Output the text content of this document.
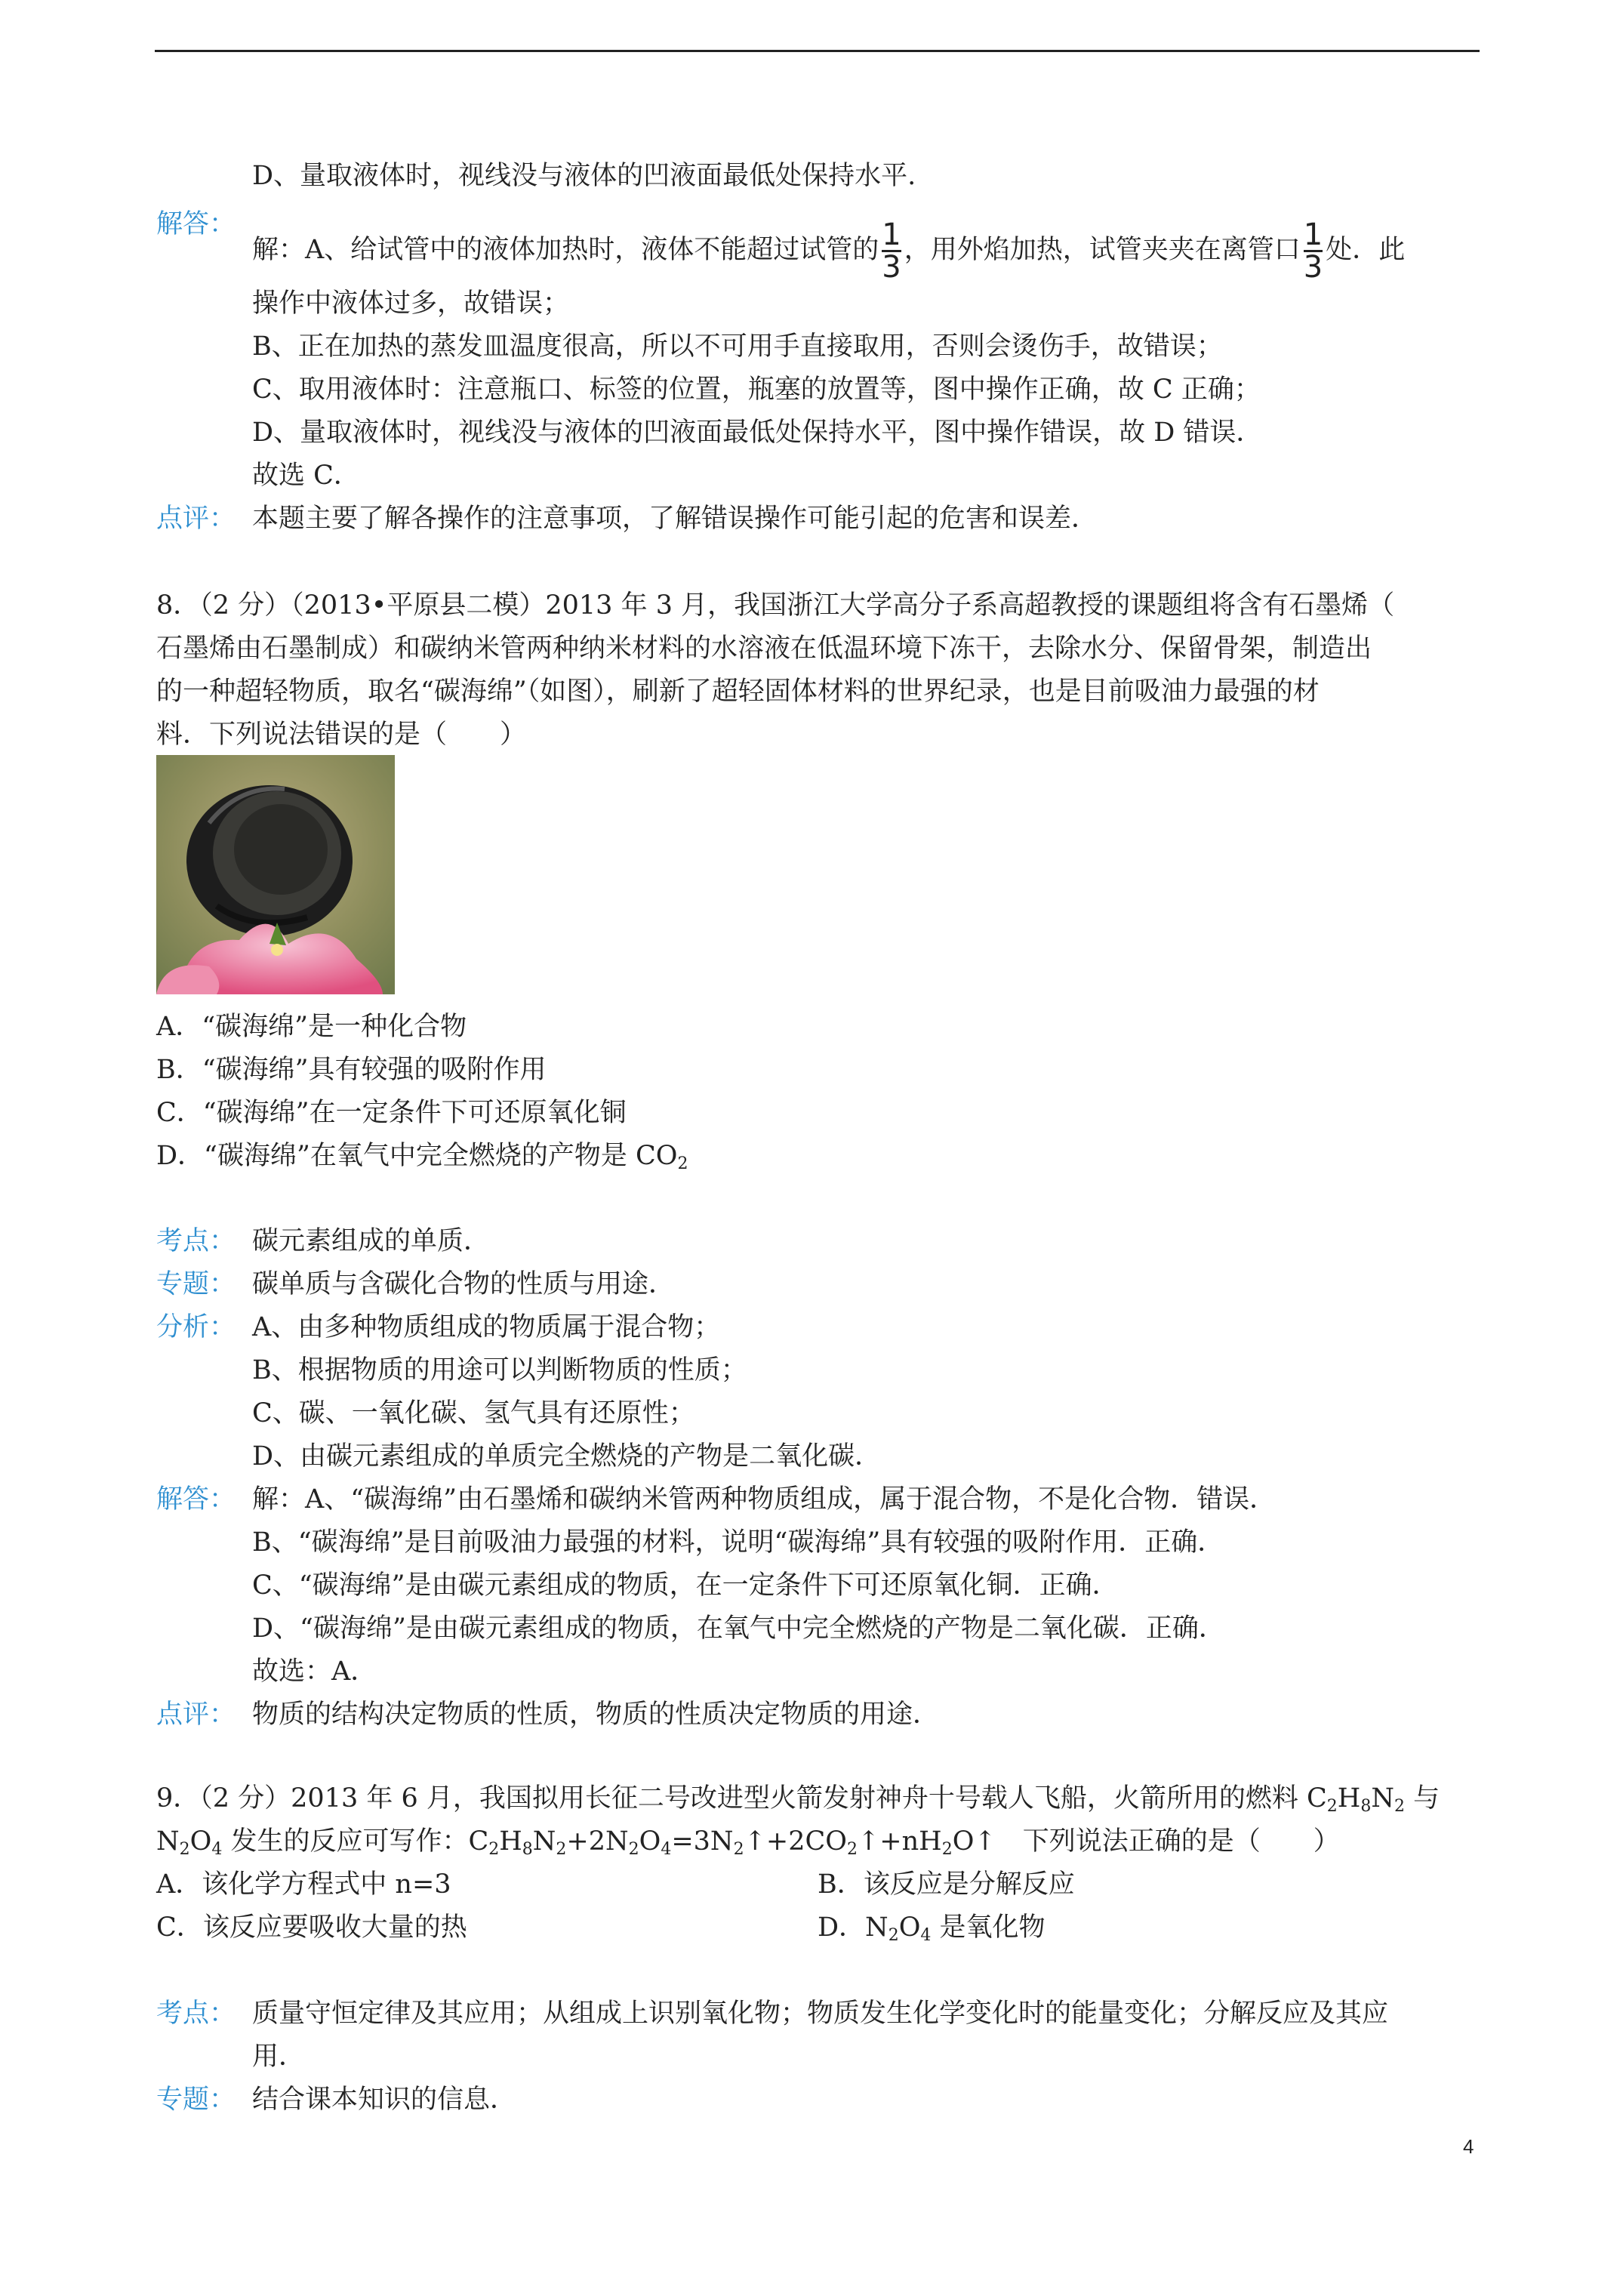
D、量取液体时，视线没与液体的凹液面最低处保持水平.
解答：
解：A、给试管中的液体加热时，液体不能超过试管的 $\frac{1}{3}$ ，用外焰加热，试管夹夹在离管口 $\frac{1}{3}$ 处．此
操作中液体过多，故错误；
B、正在加热的蒸发皿温度很高，所以不可用手直接取用，否则会烫伤手，故错误；
C、取用液体时：注意瓶口、标签的位置，瓶塞的放置等，图中操作正确，故 C 正确；
D、量取液体时，视线没与液体的凹液面最低处保持水平，图中操作错误，故 D 错误．
故选 C．
点评： 本题主要了解各操作的注意事项，了解错误操作可能引起的危害和误差．
8．（2 分）（2013•平原县二模）2013 年 3 月，我国浙江大学高分子系高超教授的课题组将含有石墨烯（
石墨烯由石墨制成）和碳纳米管两种纳米材料的水溶液在低温环境下冻干，去除水分、保留骨架，制造出
的一种超轻物质，取名“碳海绵”（如图），刷新了超轻固体材料的世界纪录，也是目前吸油力最强的材
料．下列说法错误的是（　　）
A．“碳海绵”是一种化合物
B．“碳海绵”具有较强的吸附作用
C．“碳海绵”在一定条件下可还原氧化铜
D．“碳海绵”在氧气中完全燃烧的产物是 $CO_2$
考点： 碳元素组成的单质．
专题： 碳单质与含碳化合物的性质与用途．
分析： A、由多种物质组成的物质属于混合物；
B、根据物质的用途可以判断物质的性质；
C、碳、一氧化碳、氢气具有还原性；
D、由碳元素组成的单质完全燃烧的产物是二氧化碳．
解答： 解：A、“碳海绵”由石墨烯和碳纳米管两种物质组成，属于混合物，不是化合物．错误．
B、“碳海绵”是目前吸油力最强的材料，说明“碳海绵”具有较强的吸附作用．正确．
C、“碳海绵”是由碳元素组成的物质，在一定条件下可还原氧化铜．正确．
D、“碳海绵”是由碳元素组成的物质，在氧气中完全燃烧的产物是二氧化碳．正确．
故选：A．
点评： 物质的结构决定物质的性质，物质的性质决定物质的用途．
9．（2 分）2013 年 6 月，我国拟用长征二号改进型火箭发射神舟十号载人飞船，火箭所用的燃料 $C_2H_8N_2$ 与
$N_2O_4$ 发生的反应可写作：$C_2H_8N_2+2N_2O_4=3N_2↑+2CO_2↑+nH_2O↑$　下列说法正确的是（　　）
A．该化学方程式中 n=3	B．该反应是分解反应
C．该反应要吸收大量的热	D．$N_2O_4$ 是氧化物
考点： 质量守恒定律及其应用；从组成上识别氧化物；物质发生化学变化时的能量变化；分解反应及其应
用．
专题： 结合课本知识的信息．
4
